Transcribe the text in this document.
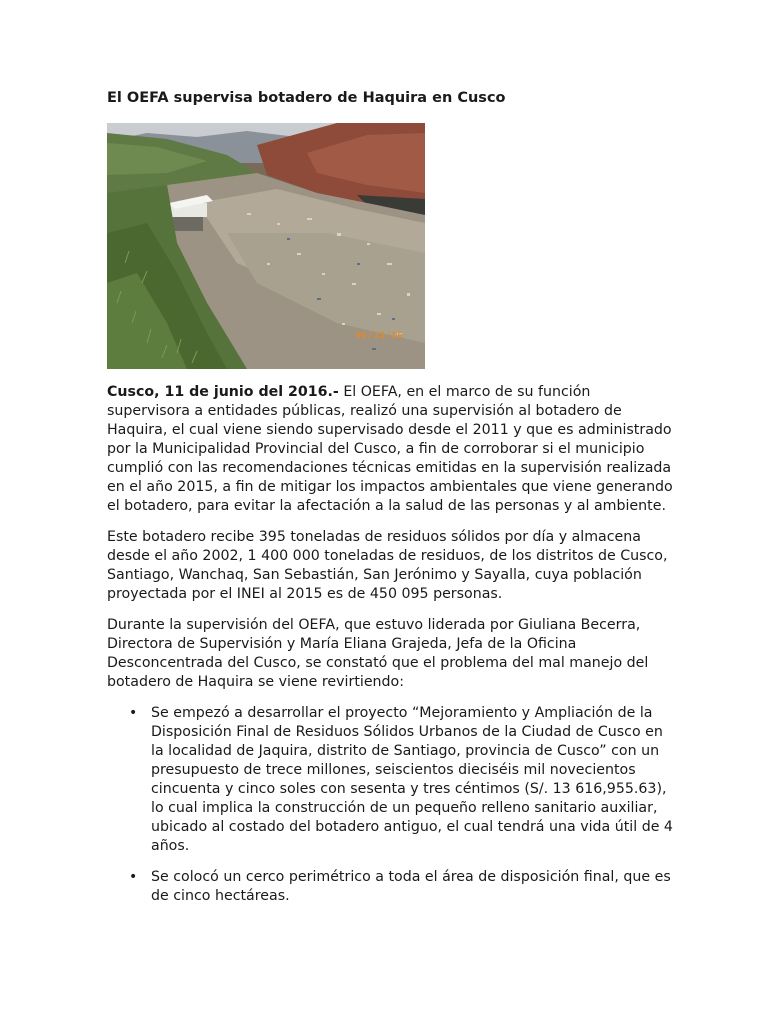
El OEFA supervisa botadero de Haquira en Cusco
06/13/16

Cusco, 11 de junio del 2016.- El OEFA, en el marco de su función
supervisora a entidades públicas, realizó una supervisión al botadero de
Haquira, el cual viene siendo supervisado desde el 2011 y que es administrado
por la Municipalidad Provincial del Cusco, a fin de corroborar si el municipio
cumplió con las recomendaciones técnicas emitidas en la supervisión realizada
en el año 2015, a fin de mitigar los impactos ambientales que viene generando
el botadero, para evitar la afectación a la salud de las personas y al ambiente.

Este botadero recibe 395 toneladas de residuos sólidos por día y almacena
desde el año 2002, 1 400 000 toneladas de residuos, de los distritos de Cusco,
Santiago, Wanchaq, San Sebastián, San Jerónimo y Sayalla, cuya población
proyectada por el INEI al 2015 es de 450 095 personas.

Durante la supervisión del OEFA, que estuvo liderada por Giuliana Becerra,
Directora de Supervisión y María Eliana Grajeda, Jefa de la Oficina
Desconcentrada del Cusco, se constató que el problema del mal manejo del
botadero de Haquira se viene revirtiendo:

• Se empezó a desarrollar el proyecto “Mejoramiento y Ampliación de la
Disposición Final de Residuos Sólidos Urbanos de la Ciudad de Cusco en
la localidad de Jaquira, distrito de Santiago, provincia de Cusco” con un
presupuesto de trece millones, seiscientos dieciséis mil novecientos
cincuenta y cinco soles con sesenta y tres céntimos (S/. 13 616,955.63),
lo cual implica la construcción de un pequeño relleno sanitario auxiliar,
ubicado al costado del botadero antiguo, el cual tendrá una vida útil de 4
años.
• Se colocó un cerco perimétrico a toda el área de disposición final, que es
de cinco hectáreas.
